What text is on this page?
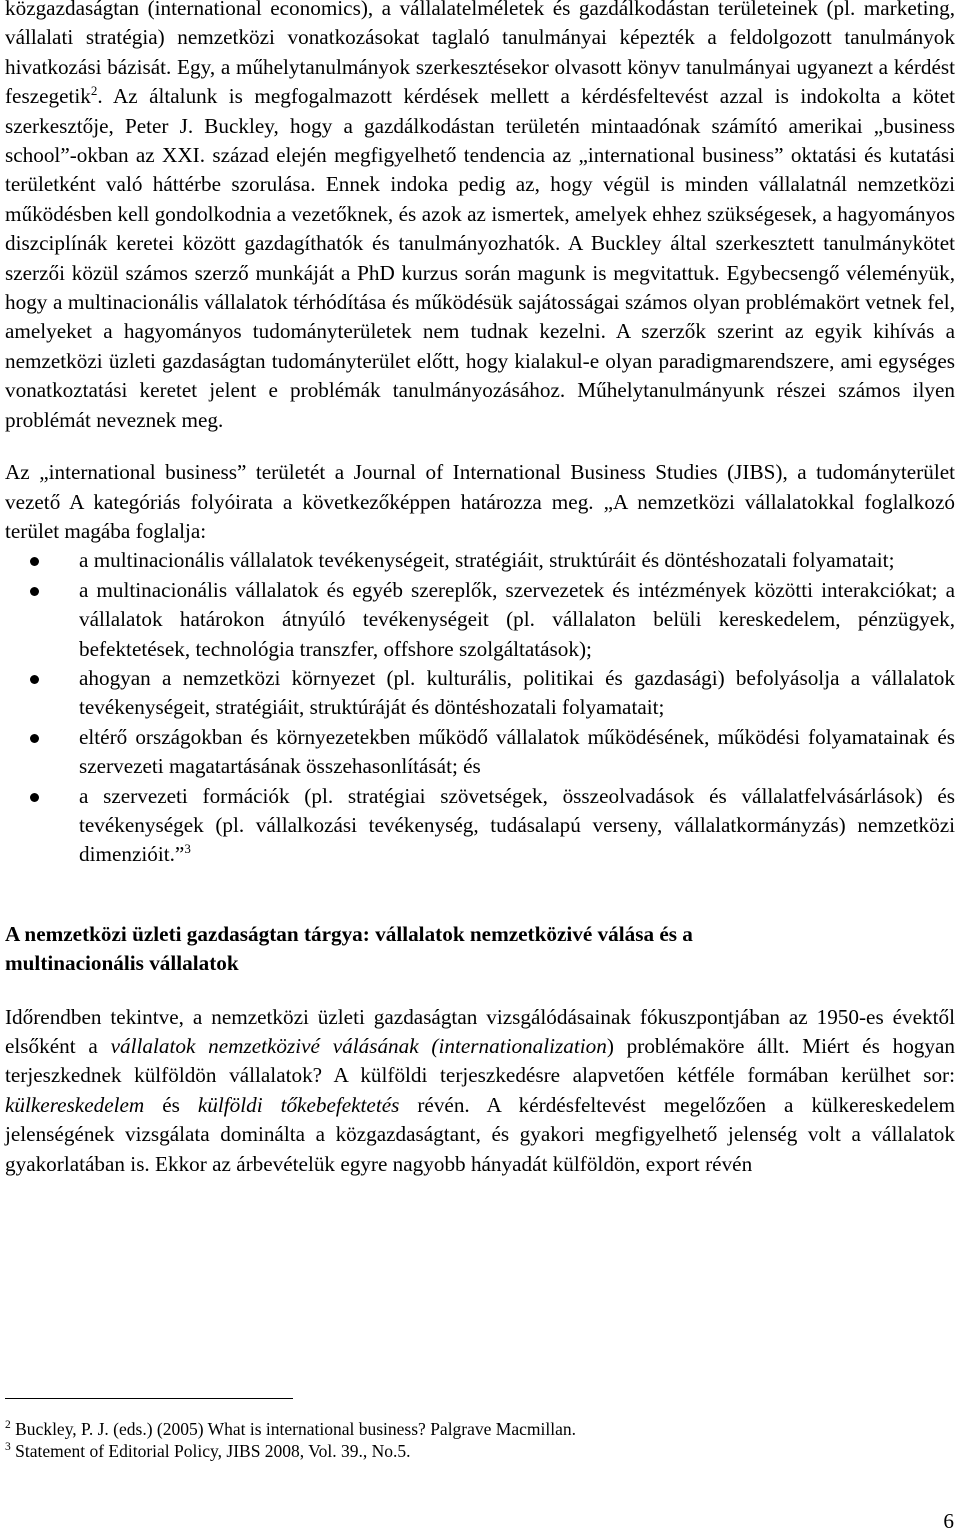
közgazdaságtan (international economics), a vállalatelméletek és gazdálkodástan területeinek (pl. marketing, vállalati stratégia) nemzetközi vonatkozásokat taglaló tanulmányai képezték a feldolgozott tanulmányok hivatkozási bázisát. Egy, a műhelytanulmányok szerkesztésekor olvasott könyv tanulmányai ugyanezt a kérdést feszegetik$^2$. Az általunk is megfogalmazott kérdések mellett a kérdésfeltevést azzal is indokolta a kötet szerkesztője, Peter J. Buckley, hogy a gazdálkodástan területén mintaadónak számító amerikai „business school”-okban az XXI. század elején megfigyelhető tendencia az „international business” oktatási és kutatási területként való háttérbe szorulása. Ennek indoka pedig az, hogy végül is minden vállalatnál nemzetközi működésben kell gondolkodnia a vezetőknek, és azok az ismertek, amelyek ehhez szükségesek, a hagyományos diszciplínák keretei között gazdagíthatók és tanulmányozhatók. A Buckley által szerkesztett tanulmánykötet szerzői közül számos szerző munkáját a PhD kurzus során magunk is megvitattuk. Egybecsengő véleményük, hogy a multinacionális vállalatok térhódítása és működésük sajátosságai számos olyan problémakört vetnek fel, amelyeket a hagyományos tudományterületek nem tudnak kezelni. A szerzők szerint az egyik kihívás a nemzetközi üzleti gazdaságtan tudományterület előtt, hogy kialakul-e olyan paradigmarendszere, ami egységes vonatkoztatási keretet jelent e problémák tanulmányozásához. Műhelytanulmányunk részei számos ilyen problémát neveznek meg.

Az „international business” területét a Journal of International Business Studies (JIBS), a tudományterület vezető A kategóriás folyóirata a következőképpen határozza meg. „A nemzetközi vállalatokkal foglalkozó terület magába foglalja:

a multinacionális vállalatok tevékenységeit, stratégiáit, struktúráit és döntéshozatali folyamatait;
a multinacionális vállalatok és egyéb szereplők, szervezetek és intézmények közötti interakciókat; a vállalatok határokon átnyúló tevékenységeit (pl. vállalaton belüli kereskedelem, pénzügyek, befektetések, technológia transzfer, offshore szolgáltatások);
ahogyan a nemzetközi környezet (pl. kulturális, politikai és gazdasági) befolyásolja a vállalatok tevékenységeit, stratégiáit, struktúráját és döntéshozatali folyamatait;
eltérő országokban és környezetekben működő vállalatok működésének, működési folyamatainak és szervezeti magatartásának összehasonlítását; és
a szervezeti formációk (pl. stratégiai szövetségek, összeolvadások és vállalatfelvásárlások) és tevékenységek (pl. vállalkozási tevékenység, tudásalapú verseny, vállalatkormányzás) nemzetközi dimenzióit.”$^3$

A nemzetközi üzleti gazdaságtan tárgya: vállalatok nemzetközivé válása és a
multinacionális vállalatok

Időrendben tekintve, a nemzetközi üzleti gazdaságtan vizsgálódásainak fókuszpontjában az 1950-es évektől elsőként a vállalatok nemzetközivé válásának (internationalization) problémaköre állt. Miért és hogyan terjeszkednek külföldön vállalatok? A külföldi terjeszkedésre alapvetően kétféle formában kerülhet sor: külkereskedelem és külföldi tőkebefektetés révén. A kérdésfeltevést megelőzően a külkereskedelem jelenségének vizsgálata dominálta a közgazdaságtant, és gyakori megfigyelhető jelenség volt a vállalatok gyakorlatában is. Ekkor az árbevételük egyre nagyobb hányadát külföldön, export révén

$^2$ Buckley, P. J. (eds.) (2005) What is international business? Palgrave Macmillan.

$^3$ Statement of Editorial Policy, JIBS 2008, Vol. 39., No.5.

6
